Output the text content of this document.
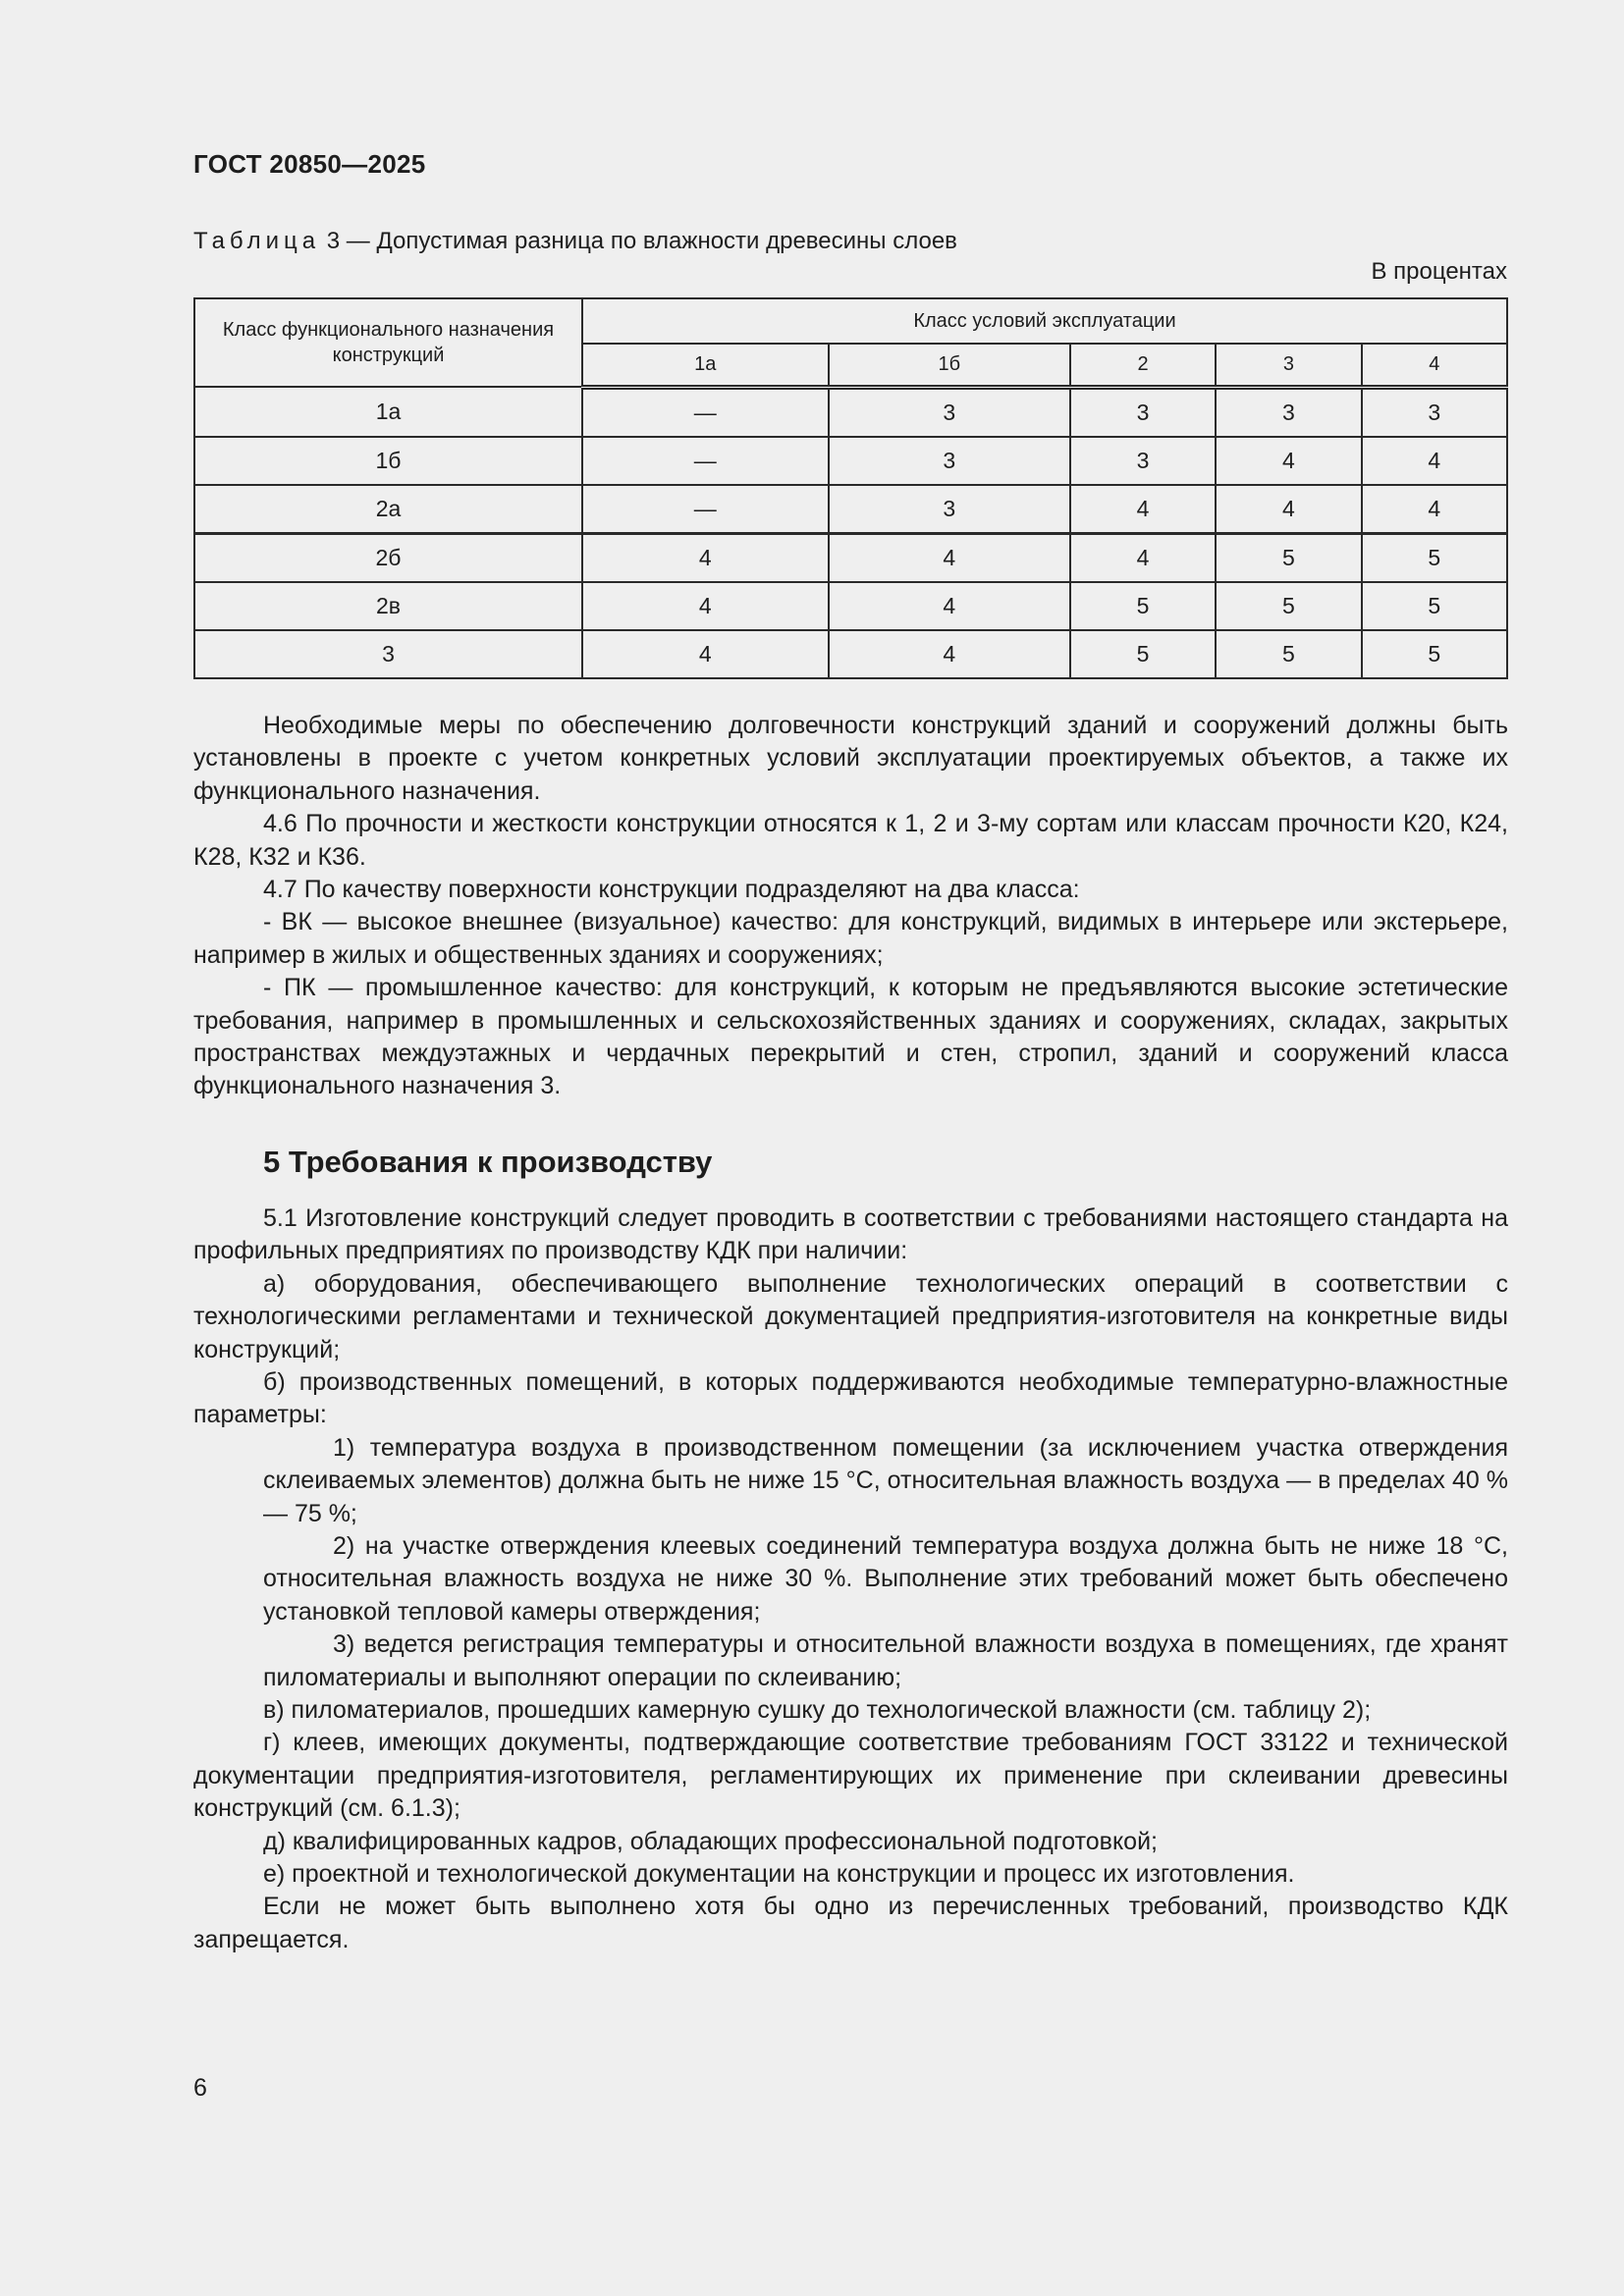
ГОСТ 20850—2025
Таблица 3 — Допустимая разница по влажности древесины слоев
В процентах
Класс функционального назначения конструкций	Класс условий эксплуатации				
	1а	1б	2	3	4
1а	—	3	3	3	3
1б	—	3	3	4	4
2а	—	3	4	4	4
2б	4	4	4	5	5
2в	4	4	5	5	5
3	4	4	5	5	5

Необходимые меры по обеспечению долговечности конструкций зданий и сооружений должны быть установлены в проекте с учетом конкретных условий эксплуатации проектируемых объектов, а также их функционального назначения.

4.6 По прочности и жесткости конструкции относятся к 1, 2 и 3-му сортам или классам прочности К20, К24, К28, К32 и К36.

4.7 По качеству поверхности конструкции подразделяют на два класса:

- ВК — высокое внешнее (визуальное) качество: для конструкций, видимых в интерьере или экстерьере, например в жилых и общественных зданиях и сооружениях;

- ПК — промышленное качество: для конструкций, к которым не предъявляются высокие эстетические требования, например в промышленных и сельскохозяйственных зданиях и сооружениях, складах, закрытых пространствах междуэтажных и чердачных перекрытий и стен, стропил, зданий и сооружений класса функционального назначения 3.

5 Требования к производству

5.1 Изготовление конструкций следует проводить в соответствии с требованиями настоящего стандарта на профильных предприятиях по производству КДК при наличии:

а) оборудования, обеспечивающего выполнение технологических операций в соответствии с технологическими регламентами и технической документацией предприятия-изготовителя на конкретные виды конструкций;

б) производственных помещений, в которых поддерживаются необходимые температурно-влажностные параметры:

1) температура воздуха в производственном помещении (за исключением участка отверждения склеиваемых элементов) должна быть не ниже 15 °С, относительная влажность воздуха — в пределах 40 % — 75 %;

2) на участке отверждения клеевых соединений температура воздуха должна быть не ниже 18 °С, относительная влажность воздуха не ниже 30 %. Выполнение этих требований может быть обеспечено установкой тепловой камеры отверждения;

3) ведется регистрация температуры и относительной влажности воздуха в помещениях, где хранят пиломатериалы и выполняют операции по склеиванию;

в) пиломатериалов, прошедших камерную сушку до технологической влажности (см. таблицу 2);

г) клеев, имеющих документы, подтверждающие соответствие требованиям ГОСТ 33122 и технической документации предприятия-изготовителя, регламентирующих их применение при склеивании древесины конструкций (см. 6.1.3);

д) квалифицированных кадров, обладающих профессиональной подготовкой;

е) проектной и технологической документации на конструкции и процесс их изготовления.

Если не может быть выполнено хотя бы одно из перечисленных требований, производство КДК запрещается.

6
